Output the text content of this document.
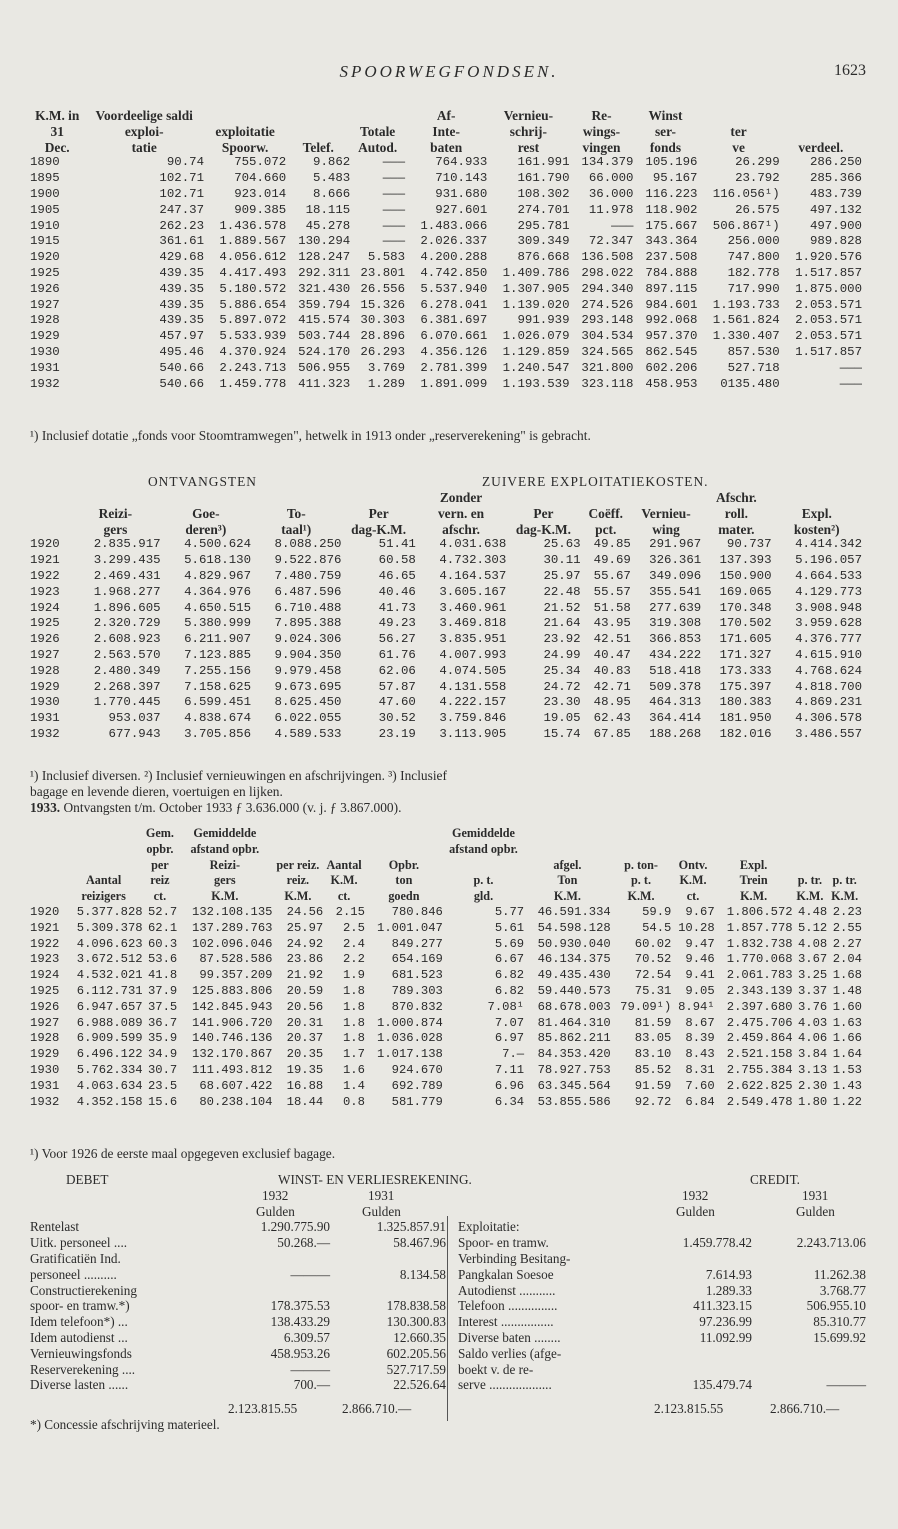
SPOORWEGFONDSEN.	1623
K.M. in	Voordeelige saldi				Af-	Vernieu-	Re-	Winst		
31	exploi-	exploitatie		Totale	Inte-	schrij-	wings-	ser-	ter	
Dec.	tatie	Spoorw.	Telef.	Autod.	baten	rest	vingen	fonds	ve	verdeel.
1890	90.74	755.072	9.862	———	764.933	161.991	134.379	105.196	26.299	286.250
1895	102.71	704.660	5.483	———	710.143	161.790	66.000	95.167	23.792	285.366
1900	102.71	923.014	8.666	———	931.680	108.302	36.000	116.223	116.056¹)	483.739
1905	247.37	909.385	18.115	———	927.601	274.701	11.978	118.902	26.575	497.132
1910	262.23	1.436.578	45.278	———	1.483.066	295.781	———	175.667	506.867¹)	497.900
1915	361.61	1.889.567	130.294	———	2.026.337	309.349	72.347	343.364	256.000	989.828
1920	429.68	4.056.612	128.247	5.583	4.200.288	876.668	136.508	237.508	747.800	1.920.576
1925	439.35	4.417.493	292.311	23.801	4.742.850	1.409.786	298.022	784.888	182.778	1.517.857
1926	439.35	5.180.572	321.430	26.556	5.537.940	1.307.905	294.340	897.115	717.990	1.875.000
1927	439.35	5.886.654	359.794	15.326	6.278.041	1.139.020	274.526	984.601	1.193.733	2.053.571
1928	439.35	5.897.072	415.574	30.303	6.381.697	991.939	293.148	992.068	1.561.824	2.053.571
1929	457.97	5.533.939	503.744	28.896	6.070.661	1.026.079	304.534	957.370	1.330.407	2.053.571
1930	495.46	4.370.924	524.170	26.293	4.356.126	1.129.859	324.565	862.545	857.530	1.517.857
1931	540.66	2.243.713	506.955	3.769	2.781.399	1.240.547	321.800	602.206	527.718	———
1932	540.66	1.459.778	411.323	1.289	1.891.099	1.193.539	323.118	458.953	0135.480	———
¹) Inclusief dotatie „fonds voor Stoomtramwegen", hetwelk in 1913 onder „reserverekening" is gebracht.
ONTVANGSTEN	ZUIVERE EXPLOITATIEKOSTEN.
					Zonder				Afschr.	
	Reizi-	Goe-	To-	Per	vern. en	Per	Coëff.	Vernieu-	roll.	Expl.
	gers	deren³)	taal¹)	dag-K.M.	afschr.	dag-K.M.	pct.	wing	mater.	kosten²)
1920	2.835.917	4.500.624	8.088.250	51.41	4.031.638	25.63	49.85	291.967	90.737	4.414.342
1921	3.299.435	5.618.130	9.522.876	60.58	4.732.303	30.11	49.69	326.361	137.393	5.196.057
1922	2.469.431	4.829.967	7.480.759	46.65	4.164.537	25.97	55.67	349.096	150.900	4.664.533
1923	1.968.277	4.364.976	6.487.596	40.46	3.605.167	22.48	55.57	355.541	169.065	4.129.773
1924	1.896.605	4.650.515	6.710.488	41.73	3.460.961	21.52	51.58	277.639	170.348	3.908.948
1925	2.320.729	5.380.999	7.895.388	49.23	3.469.818	21.64	43.95	319.308	170.502	3.959.628
1926	2.608.923	6.211.907	9.024.306	56.27	3.835.951	23.92	42.51	366.853	171.605	4.376.777
1927	2.563.570	7.123.885	9.904.350	61.76	4.007.993	24.99	40.47	434.222	171.327	4.615.910
1928	2.480.349	7.255.156	9.979.458	62.06	4.074.505	25.34	40.83	518.418	173.333	4.768.624
1929	2.268.397	7.158.625	9.673.695	57.87	4.131.558	24.72	42.71	509.378	175.397	4.818.700
1930	1.770.445	6.599.451	8.625.450	47.60	4.222.157	23.30	48.95	464.313	180.383	4.869.231
1931	953.037	4.838.674	6.022.055	30.52	3.759.846	19.05	62.43	364.414	181.950	4.306.578
1932	677.943	3.705.856	4.589.533	23.19	3.113.905	15.74	67.85	188.268	182.016	3.486.557
¹) Inclusief diversen. ²) Inclusief vernieuwingen en afschrijvingen. ³) Inclusief
bagage en levende dieren, voertuigen en lijken.
1933. Ontvangsten t/m. October 1933 ƒ 3.636.000 (v. j. ƒ 3.867.000).
		Gem.	Gemiddelde				Gemiddelde						
		opbr.	afstand opbr.				afstand opbr.						
		per	Reizi-	per reiz.	Aantal	Opbr.		afgel.	p. ton-	Ontv.	Expl.		
	Aantal	reiz	gers	reiz.	K.M.	ton	p. t.	Ton	p. t.	K.M.	Trein	p. tr.	p. tr.
	reizigers	ct.	K.M.	K.M.	ct.	goedn	gld.	K.M.	K.M.	ct.	K.M.	K.M.	K.M.
1920	5.377.828	52.7	132.108.135	24.56	2.15	780.846	5.77	46.591.334	59.9	9.67	1.806.572	4.48	2.23
1921	5.309.378	62.1	137.289.763	25.97	2.5	1.001.047	5.61	54.598.128	54.5	10.28	1.857.778	5.12	2.55
1922	4.096.623	60.3	102.096.046	24.92	2.4	849.277	5.69	50.930.040	60.02	9.47	1.832.738	4.08	2.27
1923	3.672.512	53.6	87.528.586	23.86	2.2	654.169	6.67	46.134.375	70.52	9.46	1.770.068	3.67	2.04
1924	4.532.021	41.8	99.357.209	21.92	1.9	681.523	6.82	49.435.430	72.54	9.41	2.061.783	3.25	1.68
1925	6.112.731	37.9	125.883.806	20.59	1.8	789.303	6.82	59.440.573	75.31	9.05	2.343.139	3.37	1.48
1926	6.947.657	37.5	142.845.943	20.56	1.8	870.832	7.08¹	68.678.003	79.09¹)	8.94¹	2.397.680	3.76	1.60
1927	6.988.089	36.7	141.906.720	20.31	1.8	1.000.874	7.07	81.464.310	81.59	8.67	2.475.706	4.03	1.63
1928	6.909.599	35.9	140.746.136	20.37	1.8	1.036.028	6.97	85.862.211	83.05	8.39	2.459.864	4.06	1.66
1929	6.496.122	34.9	132.170.867	20.35	1.7	1.017.138	7.—	84.353.420	83.10	8.43	2.521.158	3.84	1.64
1930	5.762.334	30.7	111.493.812	19.35	1.6	924.670	7.11	78.927.753	85.52	8.31	2.755.384	3.13	1.53
1931	4.063.634	23.5	68.607.422	16.88	1.4	692.789	6.96	63.345.564	91.59	7.60	2.622.825	2.30	1.43
1932	4.352.158	15.6	80.238.104	18.44	0.8	581.779	6.34	53.855.586	92.72	6.84	2.549.478	1.80	1.22
¹) Voor 1926 de eerste maal opgegeven exclusief bagage.
DEBET	WINST- EN VERLIESREKENING.	CREDIT.
1932	1931	1932	1931
Gulden	Gulden	Gulden	Gulden
Rentelast	1.290.775.90	1.325.857.91 Exploitatie:
Uitk. personeel ....	50.268.—	58.467.96 Spoor- en tramw.	1.459.778.42	2.243.713.06
Gratificatiën Ind.	Verbinding Besitang-
personeel ..........	———	8.134.58 Pangkalan Soesoe	7.614.93	11.262.38
Constructierekening	Autodienst ...........	1.289.33	3.768.77
spoor- en tramw.*)	178.375.53	178.838.58 Telefoon ...............	411.323.15	506.955.10
Idem telefoon*) ...	138.433.29	130.300.83 Interest ................	97.236.99	85.310.77
Idem autodienst ...	6.309.57	12.660.35 Diverse baten ........	11.092.99	15.699.92
Vernieuwingsfonds	458.953.26	602.205.56 Saldo verlies (afge-
Reserverekening ....	———	527.717.59 boekt v. de re-
Diverse lasten ......	700.—	22.526.64 serve ...................	135.479.74	———
2.123.815.55	2.866.710.—	2.123.815.55	2.866.710.—
*) Concessie afschrijving materieel.
